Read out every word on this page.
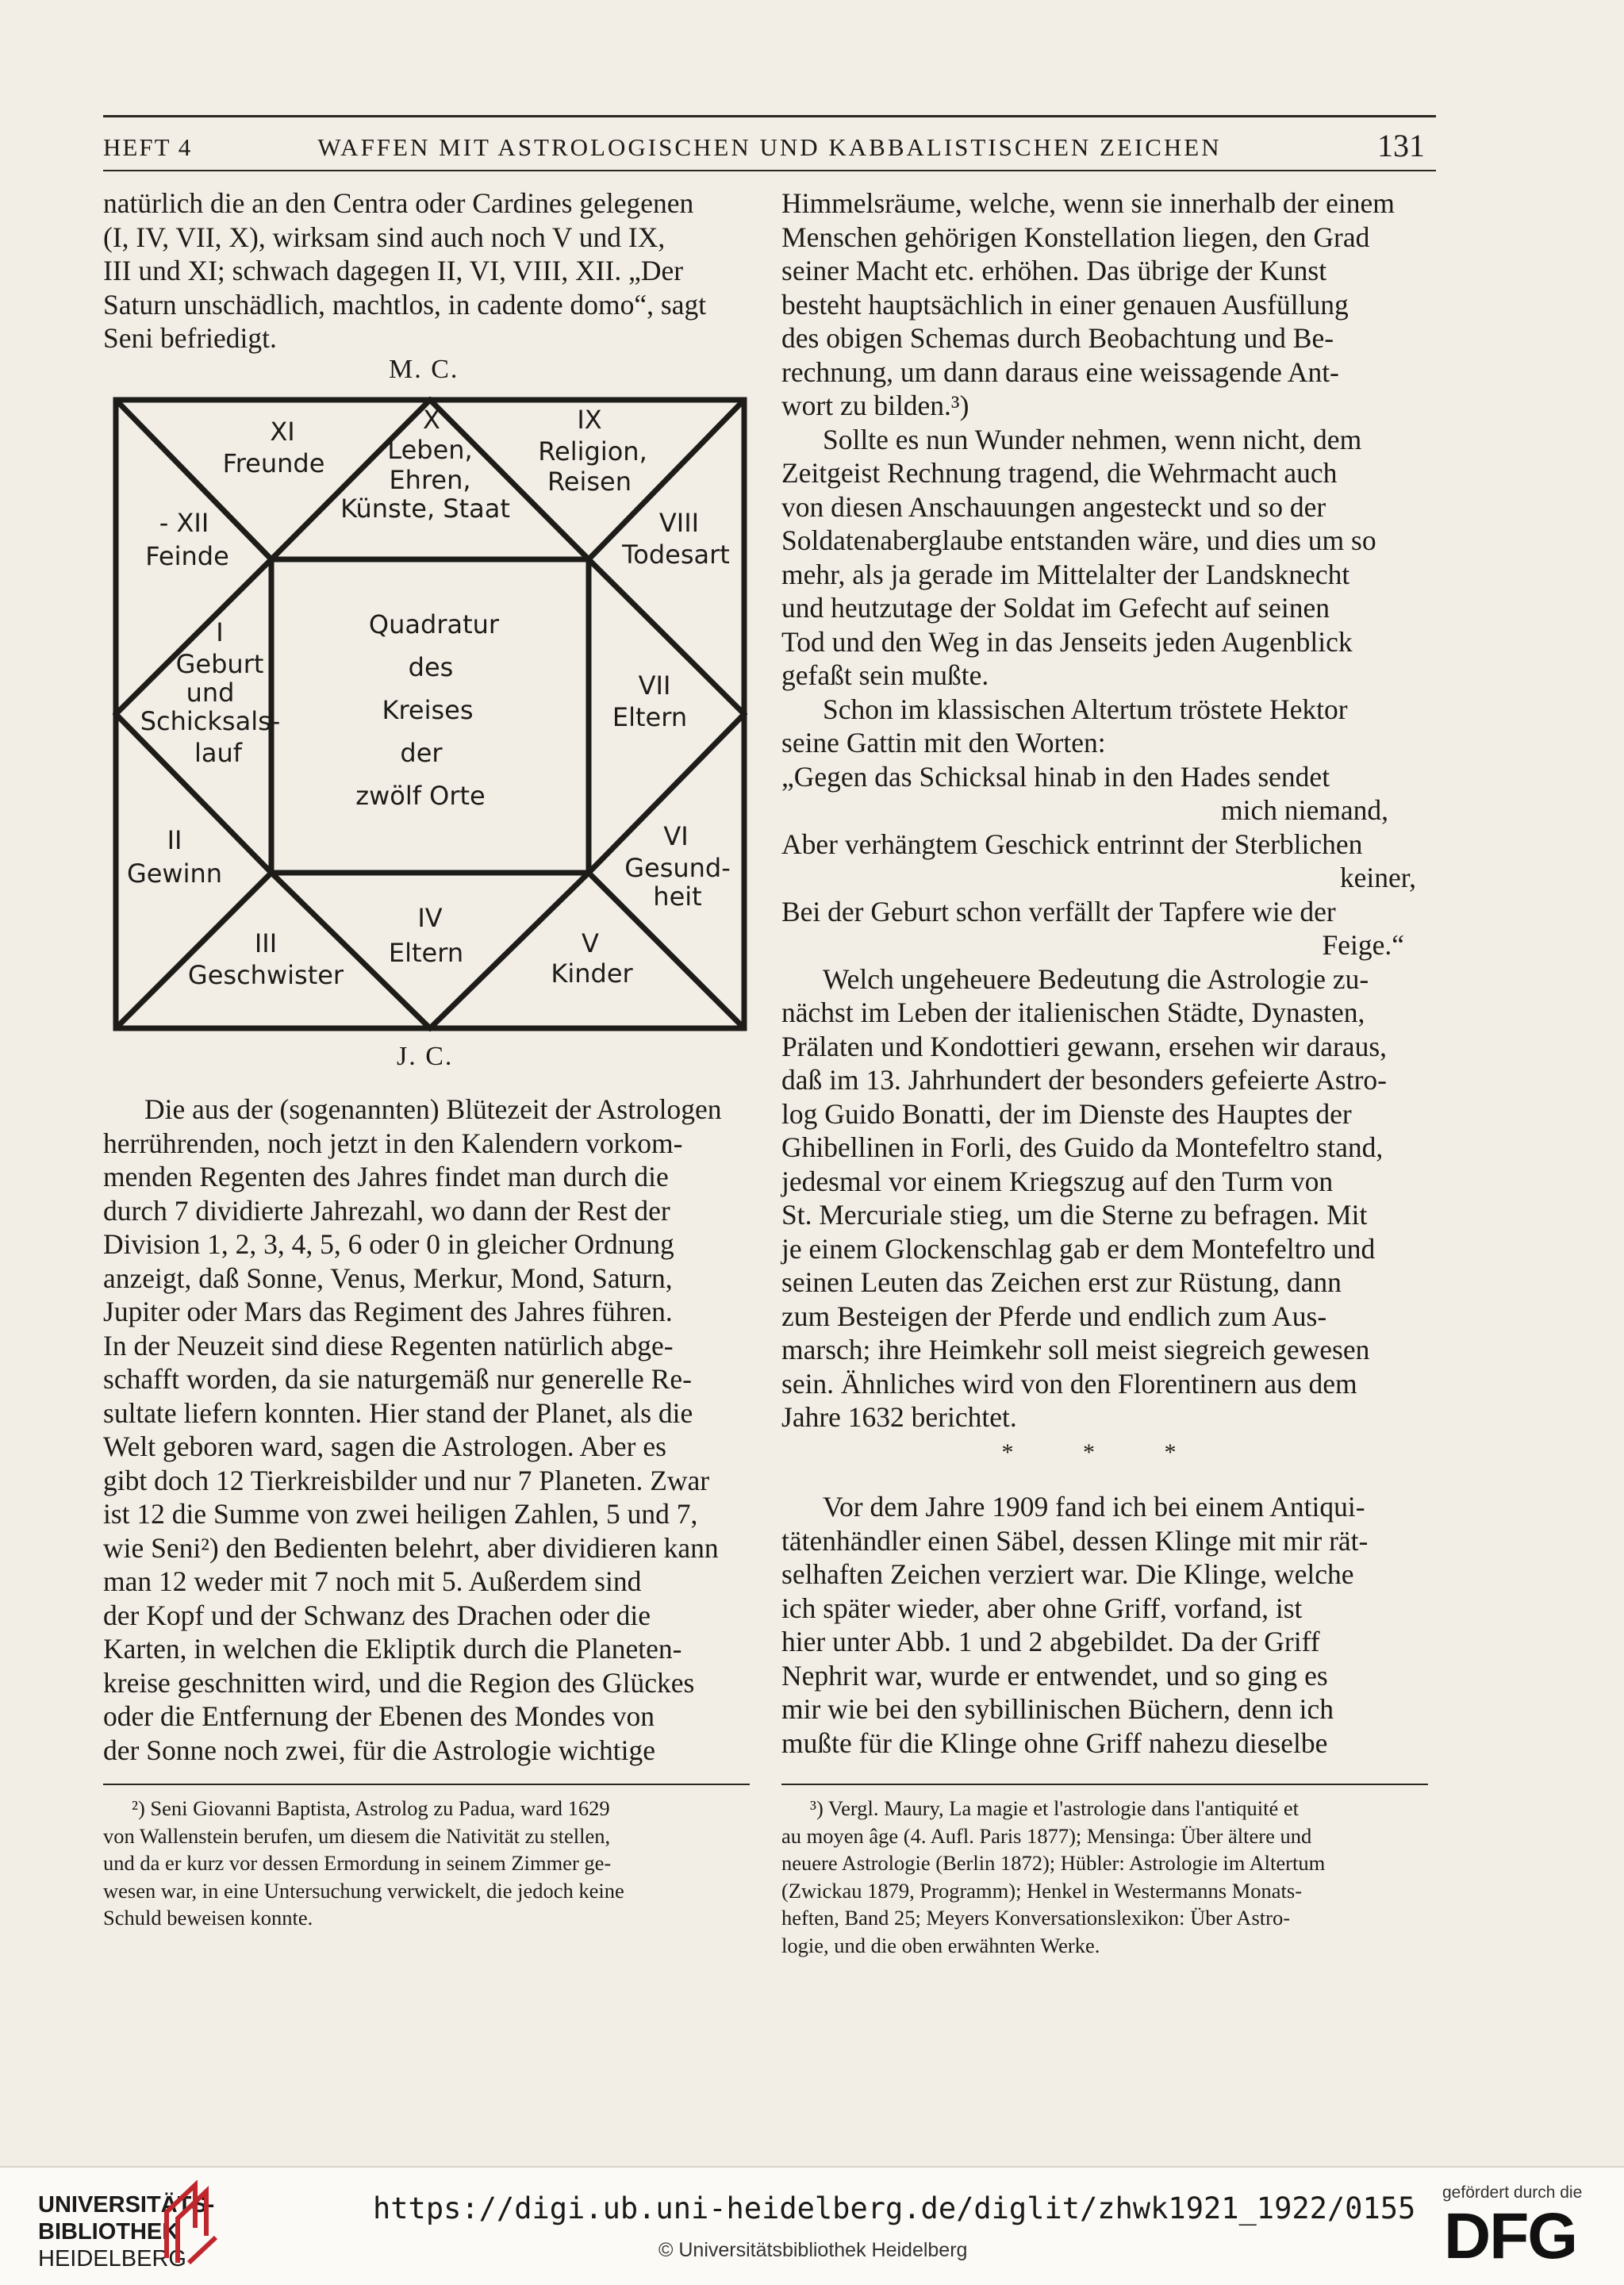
HEFT 4	WAFFEN MIT ASTROLOGISCHEN UND KABBALISTISCHEN ZEICHEN	131

natürlich die an den Centra oder Cardines gelegenen

(I, IV, VII, X), wirksam sind auch noch V und IX,

III und XI; schwach dagegen II, VI, VIII, XII. „Der

Saturn unschädlich, machtlos, in cadente domo“, sagt

Seni befriedigt.

M. C.
XI Freunde
X Leben, Ehren, Künste, Staat
IX Religion, Reisen
- XII Feinde
VIII Todesart
I Geburt und Schicksals-lauf
Quadratur des Kreises der zwölf Orte
VII Eltern
II Gewinn
VI Gesund-heit
IV Eltern
III Geschwister
V Kinder
J. C.

Die aus der (sogenannten) Blütezeit der Astrologen

herrührenden, noch jetzt in den Kalendern vorkom-

menden Regenten des Jahres findet man durch die

durch 7 dividierte Jahrezahl, wo dann der Rest der

Division 1, 2, 3, 4, 5, 6 oder 0 in gleicher Ordnung

anzeigt, daß Sonne, Venus, Merkur, Mond, Saturn,

Jupiter oder Mars das Regiment des Jahres führen.

In der Neuzeit sind diese Regenten natürlich abge-

schafft worden, da sie naturgemäß nur generelle Re-

sultate liefern konnten. Hier stand der Planet, als die

Welt geboren ward, sagen die Astrologen. Aber es

gibt doch 12 Tierkreisbilder und nur 7 Planeten. Zwar

ist 12 die Summe von zwei heiligen Zahlen, 5 und 7,

wie Seni²) den Bedienten belehrt, aber dividieren kann

man 12 weder mit 7 noch mit 5. Außerdem sind

der Kopf und der Schwanz des Drachen oder die

Karten, in welchen die Ekliptik durch die Planeten-

kreise geschnitten wird, und die Region des Glückes

oder die Entfernung der Ebenen des Mondes von

der Sonne noch zwei, für die Astrologie wichtige

Himmelsräume, welche, wenn sie innerhalb der einem

Menschen gehörigen Konstellation liegen, den Grad

seiner Macht etc. erhöhen. Das übrige der Kunst

besteht hauptsächlich in einer genauen Ausfüllung

des obigen Schemas durch Beobachtung und Be-

rechnung, um dann daraus eine weissagende Ant-

wort zu bilden.³)

Sollte es nun Wunder nehmen, wenn nicht, dem

Zeitgeist Rechnung tragend, die Wehrmacht auch

von diesen Anschauungen angesteckt und so der

Soldatenaberglaube entstanden wäre, und dies um so

mehr, als ja gerade im Mittelalter der Landsknecht

und heutzutage der Soldat im Gefecht auf seinen

Tod und den Weg in das Jenseits jeden Augenblick

gefaßt sein mußte.

Schon im klassischen Altertum tröstete Hektor

seine Gattin mit den Worten:

„Gegen das Schicksal hinab in den Hades sendet

mich niemand,

Aber verhängtem Geschick entrinnt der Sterblichen

keiner,

Bei der Geburt schon verfällt der Tapfere wie der

Feige.“

Welch ungeheuere Bedeutung die Astrologie zu-

nächst im Leben der italienischen Städte, Dynasten,

Prälaten und Kondottieri gewann, ersehen wir daraus,

daß im 13. Jahrhundert der besonders gefeierte Astro-

log Guido Bonatti, der im Dienste des Hauptes der

Ghibellinen in Forli, des Guido da Montefeltro stand,

jedesmal vor einem Kriegszug auf den Turm von

St. Mercuriale stieg, um die Sterne zu befragen. Mit

je einem Glockenschlag gab er dem Montefeltro und

seinen Leuten das Zeichen erst zur Rüstung, dann

zum Besteigen der Pferde und endlich zum Aus-

marsch; ihre Heimkehr soll meist siegreich gewesen

sein. Ähnliches wird von den Florentinern aus dem

Jahre 1632 berichtet.

* * *

Vor dem Jahre 1909 fand ich bei einem Antiqui-

tätenhändler einen Säbel, dessen Klinge mit mir rät-

selhaften Zeichen verziert war. Die Klinge, welche

ich später wieder, aber ohne Griff, vorfand, ist

hier unter Abb. 1 und 2 abgebildet. Da der Griff

Nephrit war, wurde er entwendet, und so ging es

mir wie bei den sybillinischen Büchern, denn ich

mußte für die Klinge ohne Griff nahezu dieselbe

²) Seni Giovanni Baptista, Astrolog zu Padua, ward 1629

von Wallenstein berufen, um diesem die Nativität zu stellen,

und da er kurz vor dessen Ermordung in seinem Zimmer ge-

wesen war, in eine Untersuchung verwickelt, die jedoch keine

Schuld beweisen konnte.

³) Vergl. Maury, La magie et l'astrologie dans l'antiquité et

au moyen âge (4. Aufl. Paris 1877); Mensinga: Über ältere und

neuere Astrologie (Berlin 1872); Hübler: Astrologie im Altertum

(Zwickau 1879, Programm); Henkel in Westermanns Monats-

heften, Band 25; Meyers Konversationslexikon: Über Astro-

logie, und die oben erwähnten Werke.

UNIVERSITÄTS-
BIBLIOTHEK
HEIDELBERG
https://digi.ub.uni-heidelberg.de/diglit/zhwk1921_1922/0155
© Universitätsbibliothek Heidelberg
gefördert durch die
DFG
